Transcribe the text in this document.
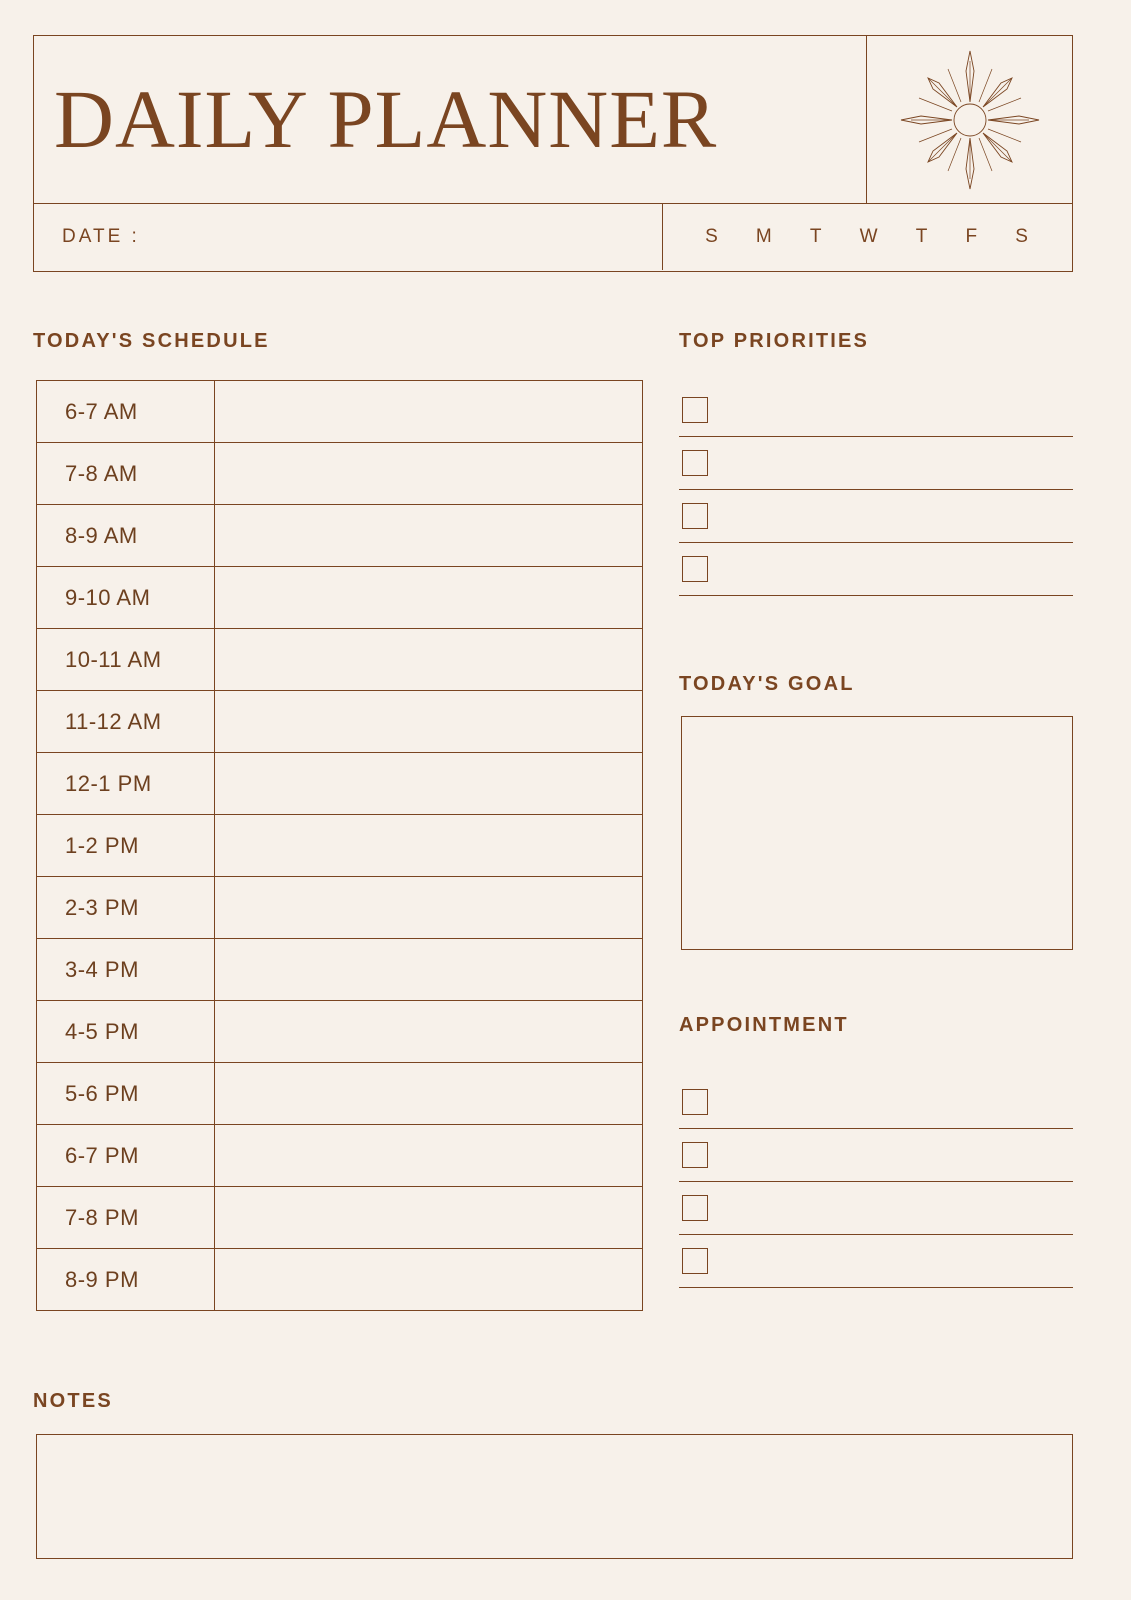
DAILY PLANNER
DATE :	S M T W T F S
TODAY'S SCHEDULE
6-7 AM	
7-8 AM	
8-9 AM	
9-10 AM	
10-11 AM	
11-12 AM	
12-1 PM	
1-2 PM	
2-3 PM	
3-4 PM	
4-5 PM	
5-6 PM	
6-7 PM	
7-8 PM	
8-9 PM	
TOP PRIORITIES
TODAY'S GOAL
APPOINTMENT
NOTES
